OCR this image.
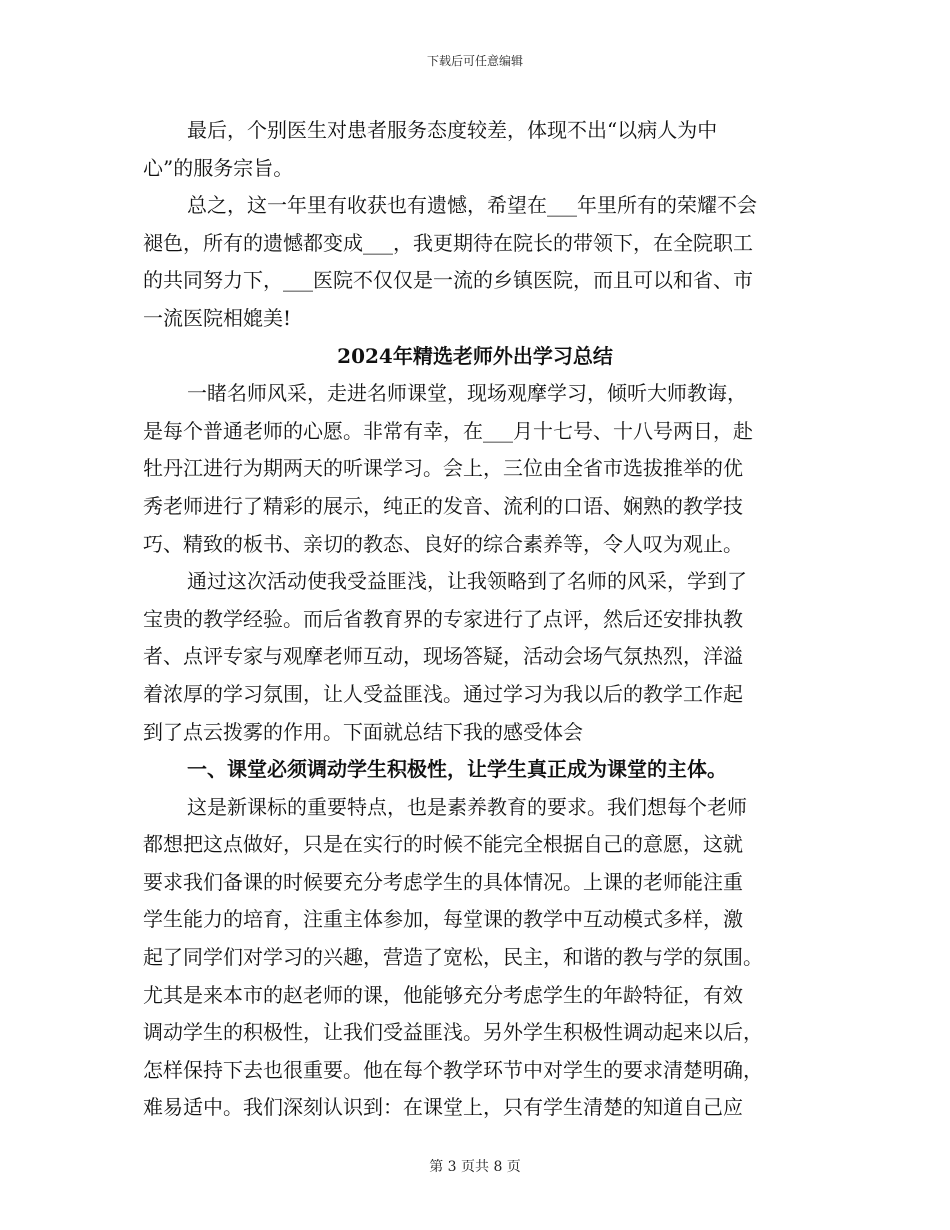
下载后可任意编辑
最后，个别医生对患者服务态度较差，体现不出“以病人为中
心”的服务宗旨。
总之，这一年里有收获也有遗憾，希望在___年里所有的荣耀不会
褪色，所有的遗憾都变成___，我更期待在院长的带领下，在全院职工
的共同努力下，___医院不仅仅是一流的乡镇医院，而且可以和省、市
一流医院相媲美!
2024年精选老师外出学习总结
一睹名师风采，走进名师课堂，现场观摩学习，倾听大师教诲，
是每个普通老师的心愿。非常有幸，在___月十七号、十八号两日，赴
牡丹江进行为期两天的听课学习。会上，三位由全省市选拔推举的优
秀老师进行了精彩的展示，纯正的发音、流利的口语、娴熟的教学技
巧、精致的板书、亲切的教态、良好的综合素养等，令人叹为观止。
通过这次活动使我受益匪浅，让我领略到了名师的风采，学到了
宝贵的教学经验。而后省教育界的专家进行了点评，然后还安排执教
者、点评专家与观摩老师互动，现场答疑，活动会场气氛热烈，洋溢
着浓厚的学习氛围，让人受益匪浅。通过学习为我以后的教学工作起
到了点云拨雾的作用。下面就总结下我的感受体会
一、课堂必须调动学生积极性，让学生真正成为课堂的主体。
这是新课标的重要特点，也是素养教育的要求。我们想每个老师
都想把这点做好，只是在实行的时候不能完全根据自己的意愿，这就
要求我们备课的时候要充分考虑学生的具体情况。上课的老师能注重
学生能力的培育，注重主体参加，每堂课的教学中互动模式多样，激
起了同学们对学习的兴趣，营造了宽松，民主，和谐的教与学的氛围。
尤其是来本市的赵老师的课，他能够充分考虑学生的年龄特征，有效
调动学生的积极性，让我们受益匪浅。另外学生积极性调动起来以后，
怎样保持下去也很重要。他在每个教学环节中对学生的要求清楚明确，
难易适中。我们深刻认识到：在课堂上，只有学生清楚的知道自己应
第 3 页共 8 页
